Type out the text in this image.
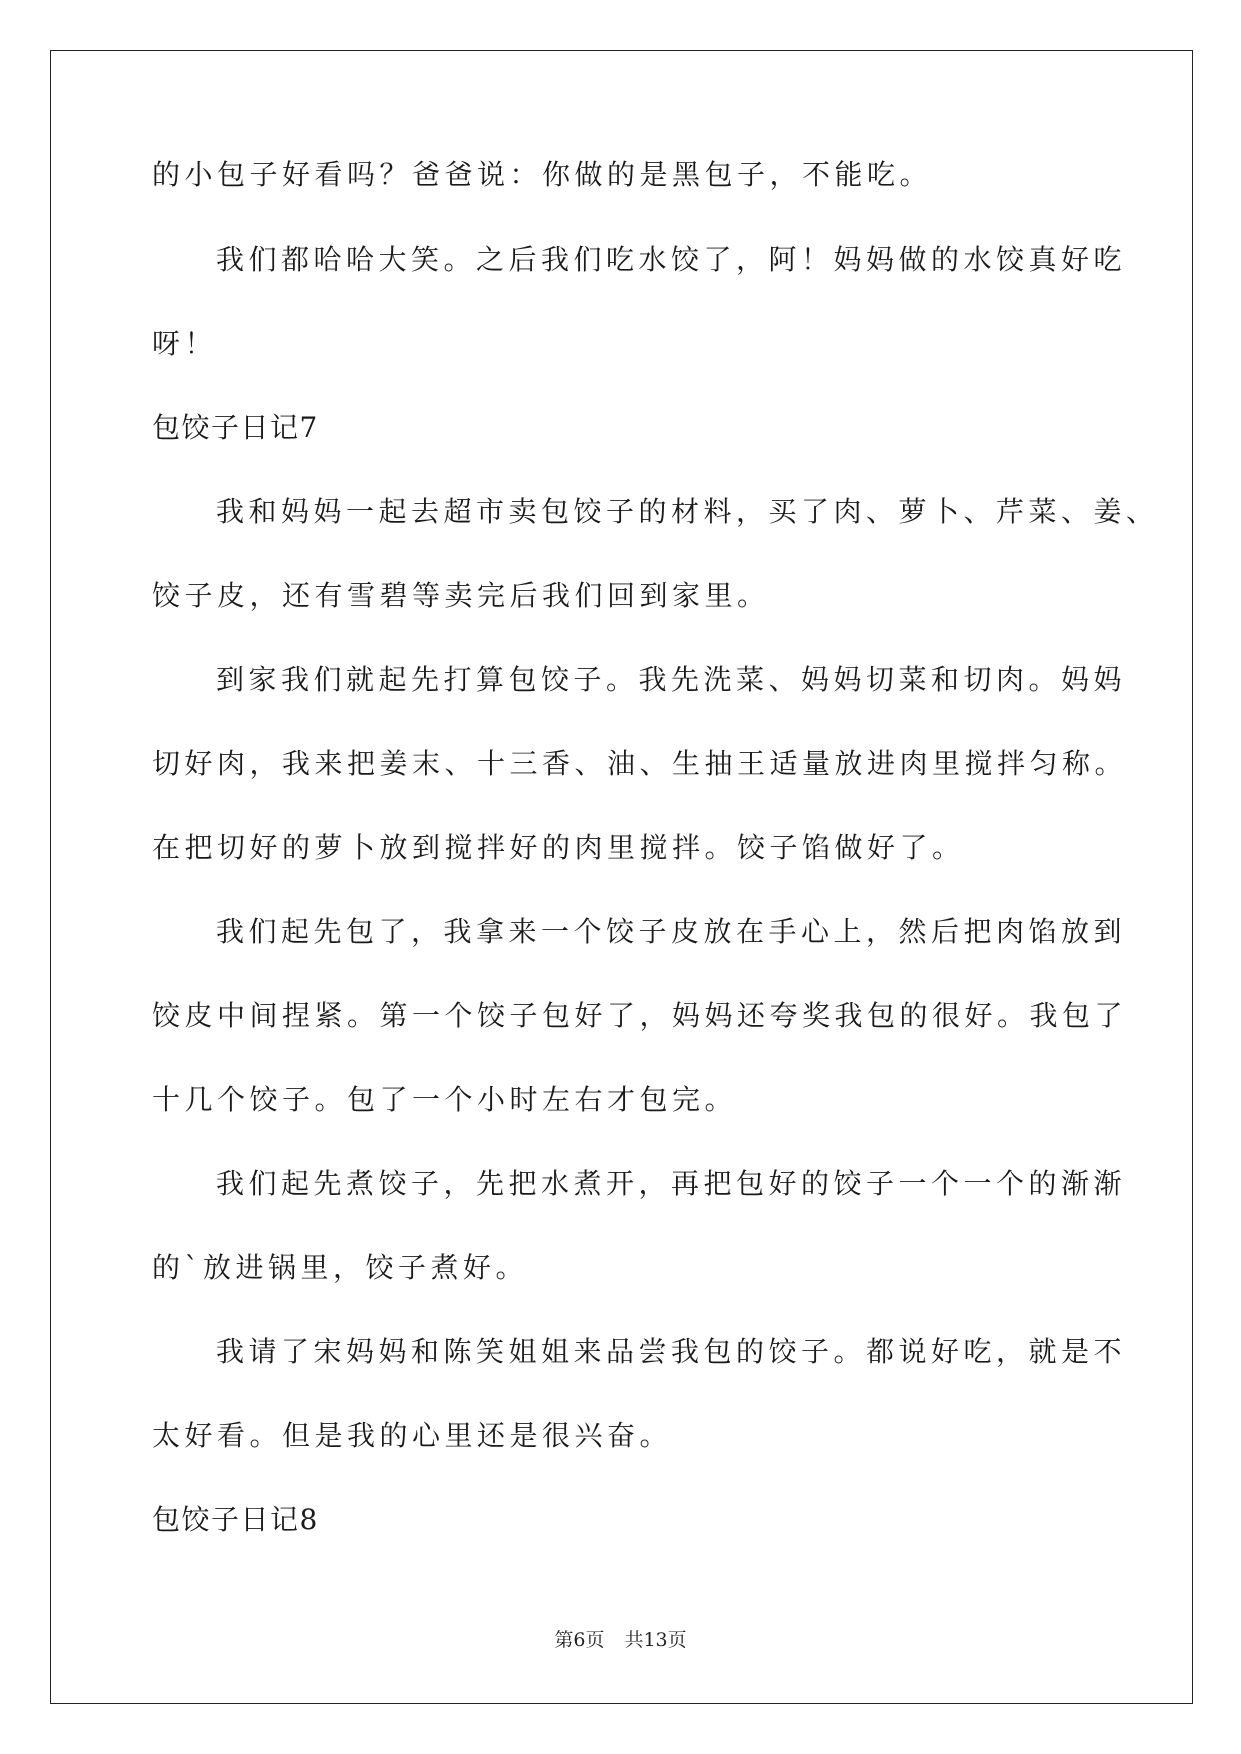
的小包子好看吗？爸爸说：你做的是黑包子，不能吃。
我们都哈哈大笑。之后我们吃水饺了，阿！妈妈做的水饺真好吃
呀！
包饺子日记7
我和妈妈一起去超市卖包饺子的材料，买了肉、萝卜、芹菜、姜、
饺子皮，还有雪碧等卖完后我们回到家里。
到家我们就起先打算包饺子。我先洗菜、妈妈切菜和切肉。妈妈
切好肉，我来把姜末、十三香、油、生抽王适量放进肉里搅拌匀称。
在把切好的萝卜放到搅拌好的肉里搅拌。饺子馅做好了。
我们起先包了，我拿来一个饺子皮放在手心上，然后把肉馅放到
饺皮中间捏紧。第一个饺子包好了，妈妈还夸奖我包的很好。我包了
十几个饺子。包了一个小时左右才包完。
我们起先煮饺子，先把水煮开，再把包好的饺子一个一个的渐渐
的`放进锅里，饺子煮好。
我请了宋妈妈和陈笑姐姐来品尝我包的饺子。都说好吃，就是不
太好看。但是我的心里还是很兴奋。
包饺子日记8
第6页 共13页
